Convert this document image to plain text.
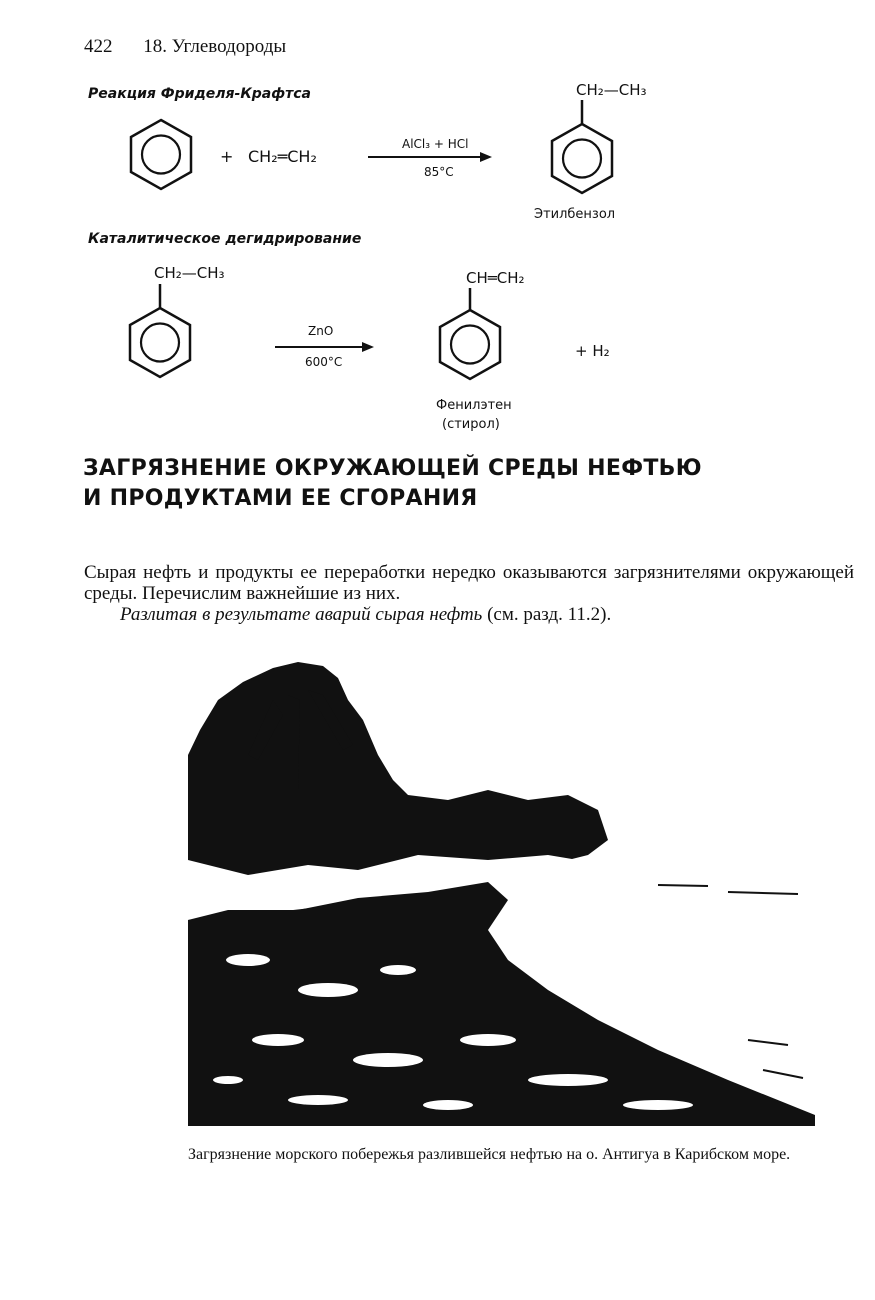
422 18. Углеводороды
Реакция Фриделя-Крафтса
+ CH₂═CH₂
AlCl₃ + HCl
85°C
CH₂—CH₃
Этилбензол
Каталитическое дегидрирование
CH₂—CH₃
ZnO
600°C
CH═CH₂
+ H₂
Фенилэтен
(стирол)
ЗАГРЯЗНЕНИЕ ОКРУЖАЮЩЕЙ СРЕДЫ НЕФТЬЮ
И ПРОДУКТАМИ ЕЕ СГОРАНИЯ

Сырая нефть и продукты ее переработки нередко оказываются загрязнителями окружающей среды. Перечислим важнейшие из них.

Разлитая в результате аварий сырая нефть (см. разд. 11.2).

Загрязнение морского побережья разлившейся нефтью на о. Антигуа в Карибском море.
